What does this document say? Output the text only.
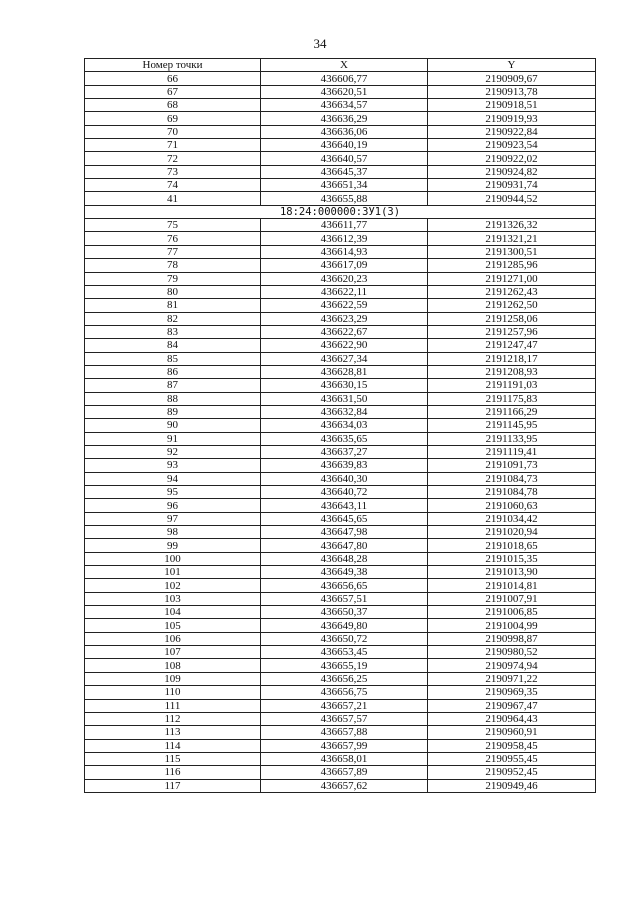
34
Номер точки	X	Y
66	436606,77	2190909,67
67	436620,51	2190913,78
68	436634,57	2190918,51
69	436636,29	2190919,93
70	436636,06	2190922,84
71	436640,19	2190923,54
72	436640,57	2190922,02
73	436645,37	2190924,82
74	436651,34	2190931,74
41	436655,88	2190944,52
18:24:000000:ЗУ1(3)		
75	436611,77	2191326,32
76	436612,39	2191321,21
77	436614,93	2191300,51
78	436617,09	2191285,96
79	436620,23	2191271,00
80	436622,11	2191262,43
81	436622,59	2191262,50
82	436623,29	2191258,06
83	436622,67	2191257,96
84	436622,90	2191247,47
85	436627,34	2191218,17
86	436628,81	2191208,93
87	436630,15	2191191,03
88	436631,50	2191175,83
89	436632,84	2191166,29
90	436634,03	2191145,95
91	436635,65	2191133,95
92	436637,27	2191119,41
93	436639,83	2191091,73
94	436640,30	2191084,73
95	436640,72	2191084,78
96	436643,11	2191060,63
97	436645,65	2191034,42
98	436647,98	2191020,94
99	436647,80	2191018,65
100	436648,28	2191015,35
101	436649,38	2191013,90
102	436656,65	2191014,81
103	436657,51	2191007,91
104	436650,37	2191006,85
105	436649,80	2191004,99
106	436650,72	2190998,87
107	436653,45	2190980,52
108	436655,19	2190974,94
109	436656,25	2190971,22
110	436656,75	2190969,35
111	436657,21	2190967,47
112	436657,57	2190964,43
113	436657,88	2190960,91
114	436657,99	2190958,45
115	436658,01	2190955,45
116	436657,89	2190952,45
117	436657,62	2190949,46
